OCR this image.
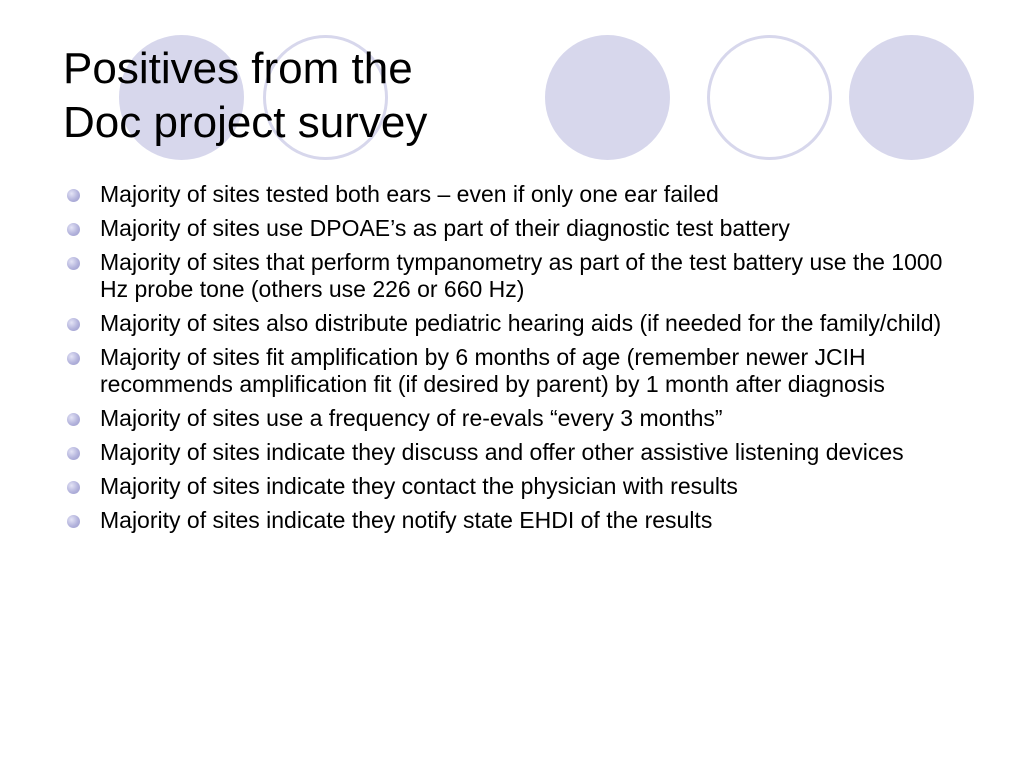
Positives from the
Doc project survey
Majority of sites tested both ears – even if only one ear failed
Majority of sites use DPOAE’s as part of their diagnostic test battery
Majority of sites that perform tympanometry as part of the test battery use the 1000 Hz probe tone (others use 226 or 660 Hz)
Majority of sites also distribute pediatric hearing aids (if needed for the family/child)
Majority of sites fit amplification by 6 months of age (remember newer JCIH recommends amplification fit (if desired by parent) by 1 month after diagnosis
Majority of sites use a frequency of re-evals “every 3 months”
Majority of sites indicate they discuss and offer other assistive listening devices
Majority of sites indicate they contact the physician with results
Majority of sites indicate they notify state EHDI of the results
